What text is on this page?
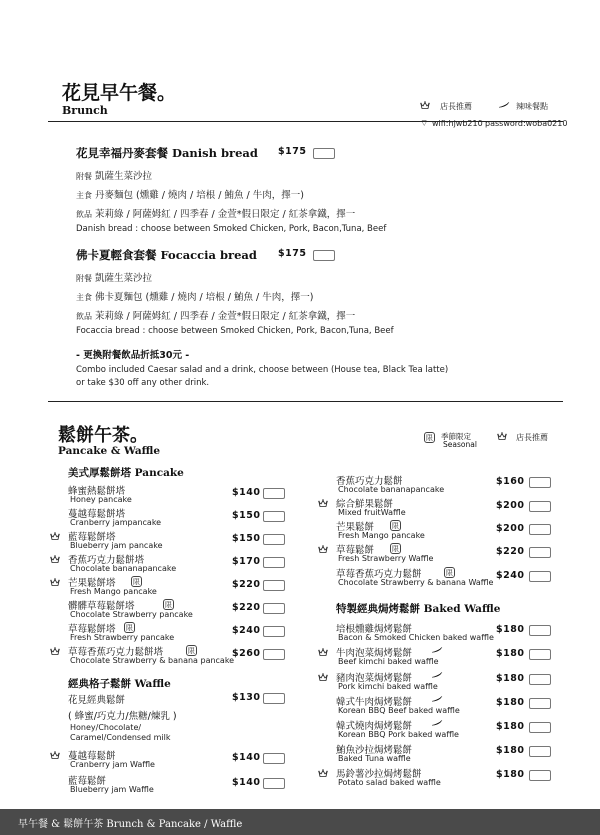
花見早午餐。
Brunch	店長推薦	辣味餐點
⌔ wifi:hjwb210 password:woba0210
花見幸福丹麥套餐 Danish bread $175
附餐 凱薩生菜沙拉
主食 丹麥麵包 (燻雞 / 燒肉 / 培根 / 鮪魚 / 牛肉，擇一)
飲品 茉莉綠 / 阿薩姆紅 / 四季春 / 金萱*假日限定 / 紅茶拿鐵，擇一
Danish bread : choose between Smoked Chicken, Pork, Bacon,Tuna, Beef
佛卡夏輕食套餐 Focaccia bread $175
附餐 凱薩生菜沙拉
主食 佛卡夏麵包 (燻雞 / 燒肉 / 培根 / 鮪魚 / 牛肉，擇一)
飲品 茉莉綠 / 阿薩姆紅 / 四季春 / 金萱*假日限定 / 紅茶拿鐵，擇一
Focaccia bread : choose between Smoked Chicken, Pork, Bacon,Tuna, Beef
- 更換附餐飲品折抵30元 -
Combo included Caesar salad and a drink, choose between (House tea, Black Tea latte)
or take $30 off any other drink.
鬆餅午茶。
Pancake & Waffle
限 季節限定
Seasonal
店長推薦
美式厚鬆餅塔 Pancake
蜂蜜熱鬆餅塔
Honey pancake
$140
蔓越莓鬆餅塔
Cranberry jampancake
$150
藍莓鬆餅塔
Blueberry jam pancake
$150
香蕉巧克力鬆餅塔
Chocolate bananapancake
$170
芒果鬆餅塔 限
Fresh Mango pancake
$220
髒髒草莓鬆餅塔	限
Chocolate Strawberry pancake
$220
草莓鬆餅塔 限
Fresh Strawberry pancake
$240
草莓香蕉巧克力鬆餅塔	限
Chocolate Strawberry & banana pancake
$260
經典格子鬆餅 Waffle
花見經典鬆餅
( 蜂蜜/巧克力/焦糖/煉乳 )
Honey/Chocolate/
Caramel/Condensed milk
$130
蔓越莓鬆餅
Cranberry jam Waffle
$140
藍莓鬆餅
Blueberry jam Waffle
$140
香蕉巧克力鬆餅
Chocolate bananapancake
$160
綜合鮮果鬆餅
Mixed fruitWaffle
$200
芒果鬆餅	限
Fresh Mango pancake
$200
草莓鬆餅	限
Fresh Strawberry Waffle
$220
草莓香蕉巧克力鬆餅	限
Chocolate Strawberry & banana Waffle
$240
特製經典焗烤鬆餅 Baked Waffle
培根燻雞焗烤鬆餅
Bacon & Smoked Chicken baked waffle
$180
牛肉泡菜焗烤鬆餅
Beef kimchi baked waffle
$180
豬肉泡菜焗烤鬆餅
Pork kimchi baked waffle
$180
韓式牛肉焗烤鬆餅
Korean BBQ Beef baked waffle
$180
韓式燒肉焗烤鬆餅
Korean BBQ Pork baked waffle
$180
鮪魚沙拉焗烤鬆餅
Baked Tuna waffle
$180
馬鈴薯沙拉焗烤鬆餅
Potato salad baked waffle
$180
早午餐 & 鬆餅午茶 Brunch & Pancake / Waffle
